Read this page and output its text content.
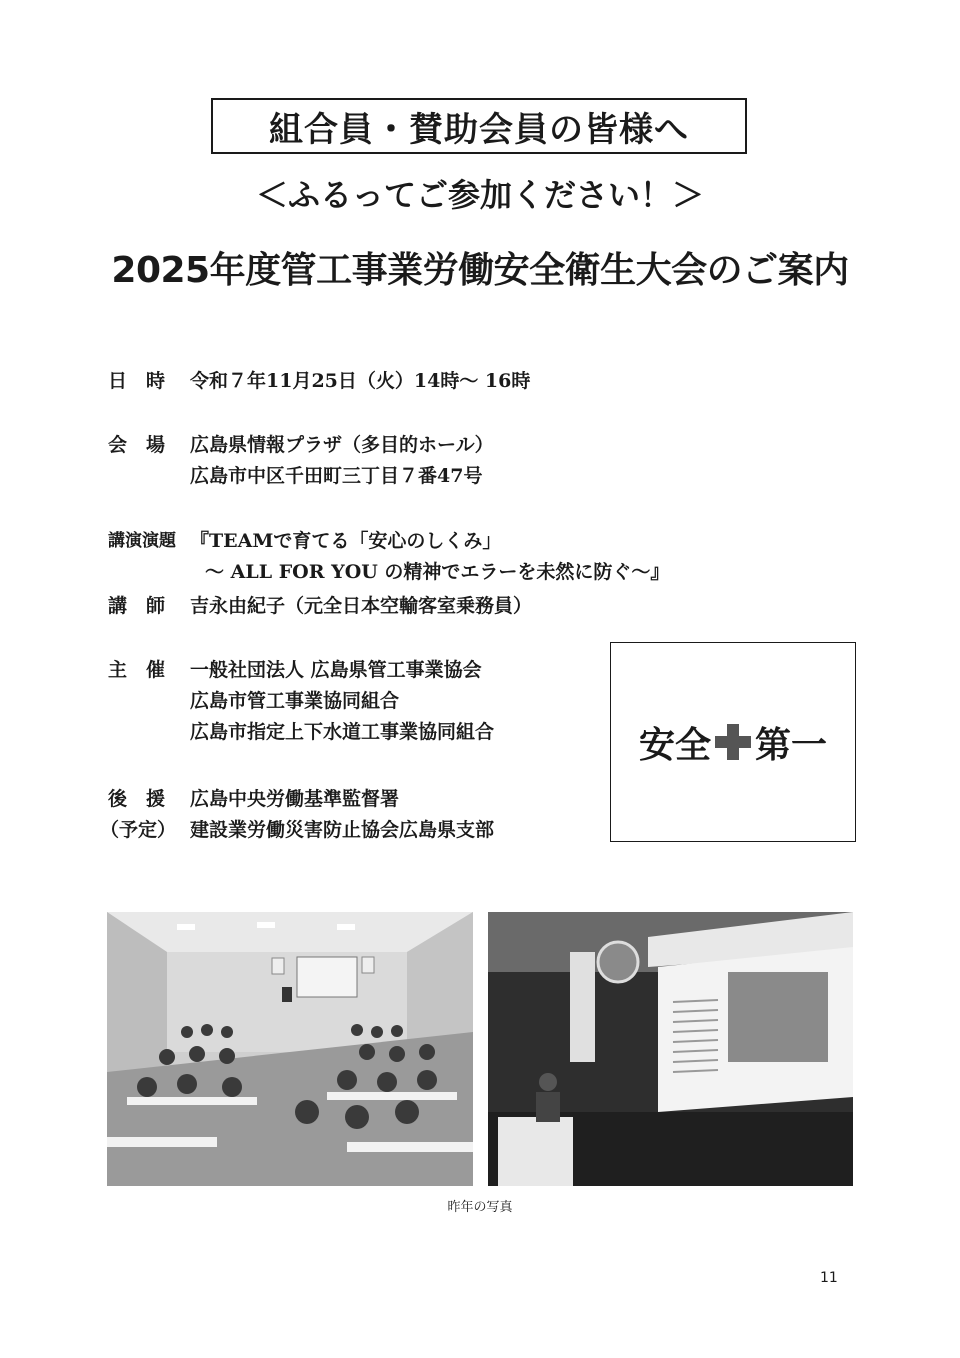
組合員・賛助会員の皆様へ
＜ふるってご参加ください！＞
2025年度管工事業労働安全衛生大会のご案内
日　時 令和７年11月25日（火）14時～ 16時
会　場 広島県情報プラザ（多目的ホール）
広島市中区千田町三丁目７番47号
講演演題 『TEAMで育てる「安心のしくみ」
～ ALL FOR YOU の精神でエラーを未然に防ぐ～』
講　師 吉永由紀子（元全日本空輸客室乗務員）
主　催 一般社団法人 広島県管工事業協会
広島市管工事業協同組合
広島市指定上下水道工事業協同組合
後　援 広島中央労働基準監督署
（予定） 建設業労働災害防止協会広島県支部
安全 第一
昨年の写真
11
